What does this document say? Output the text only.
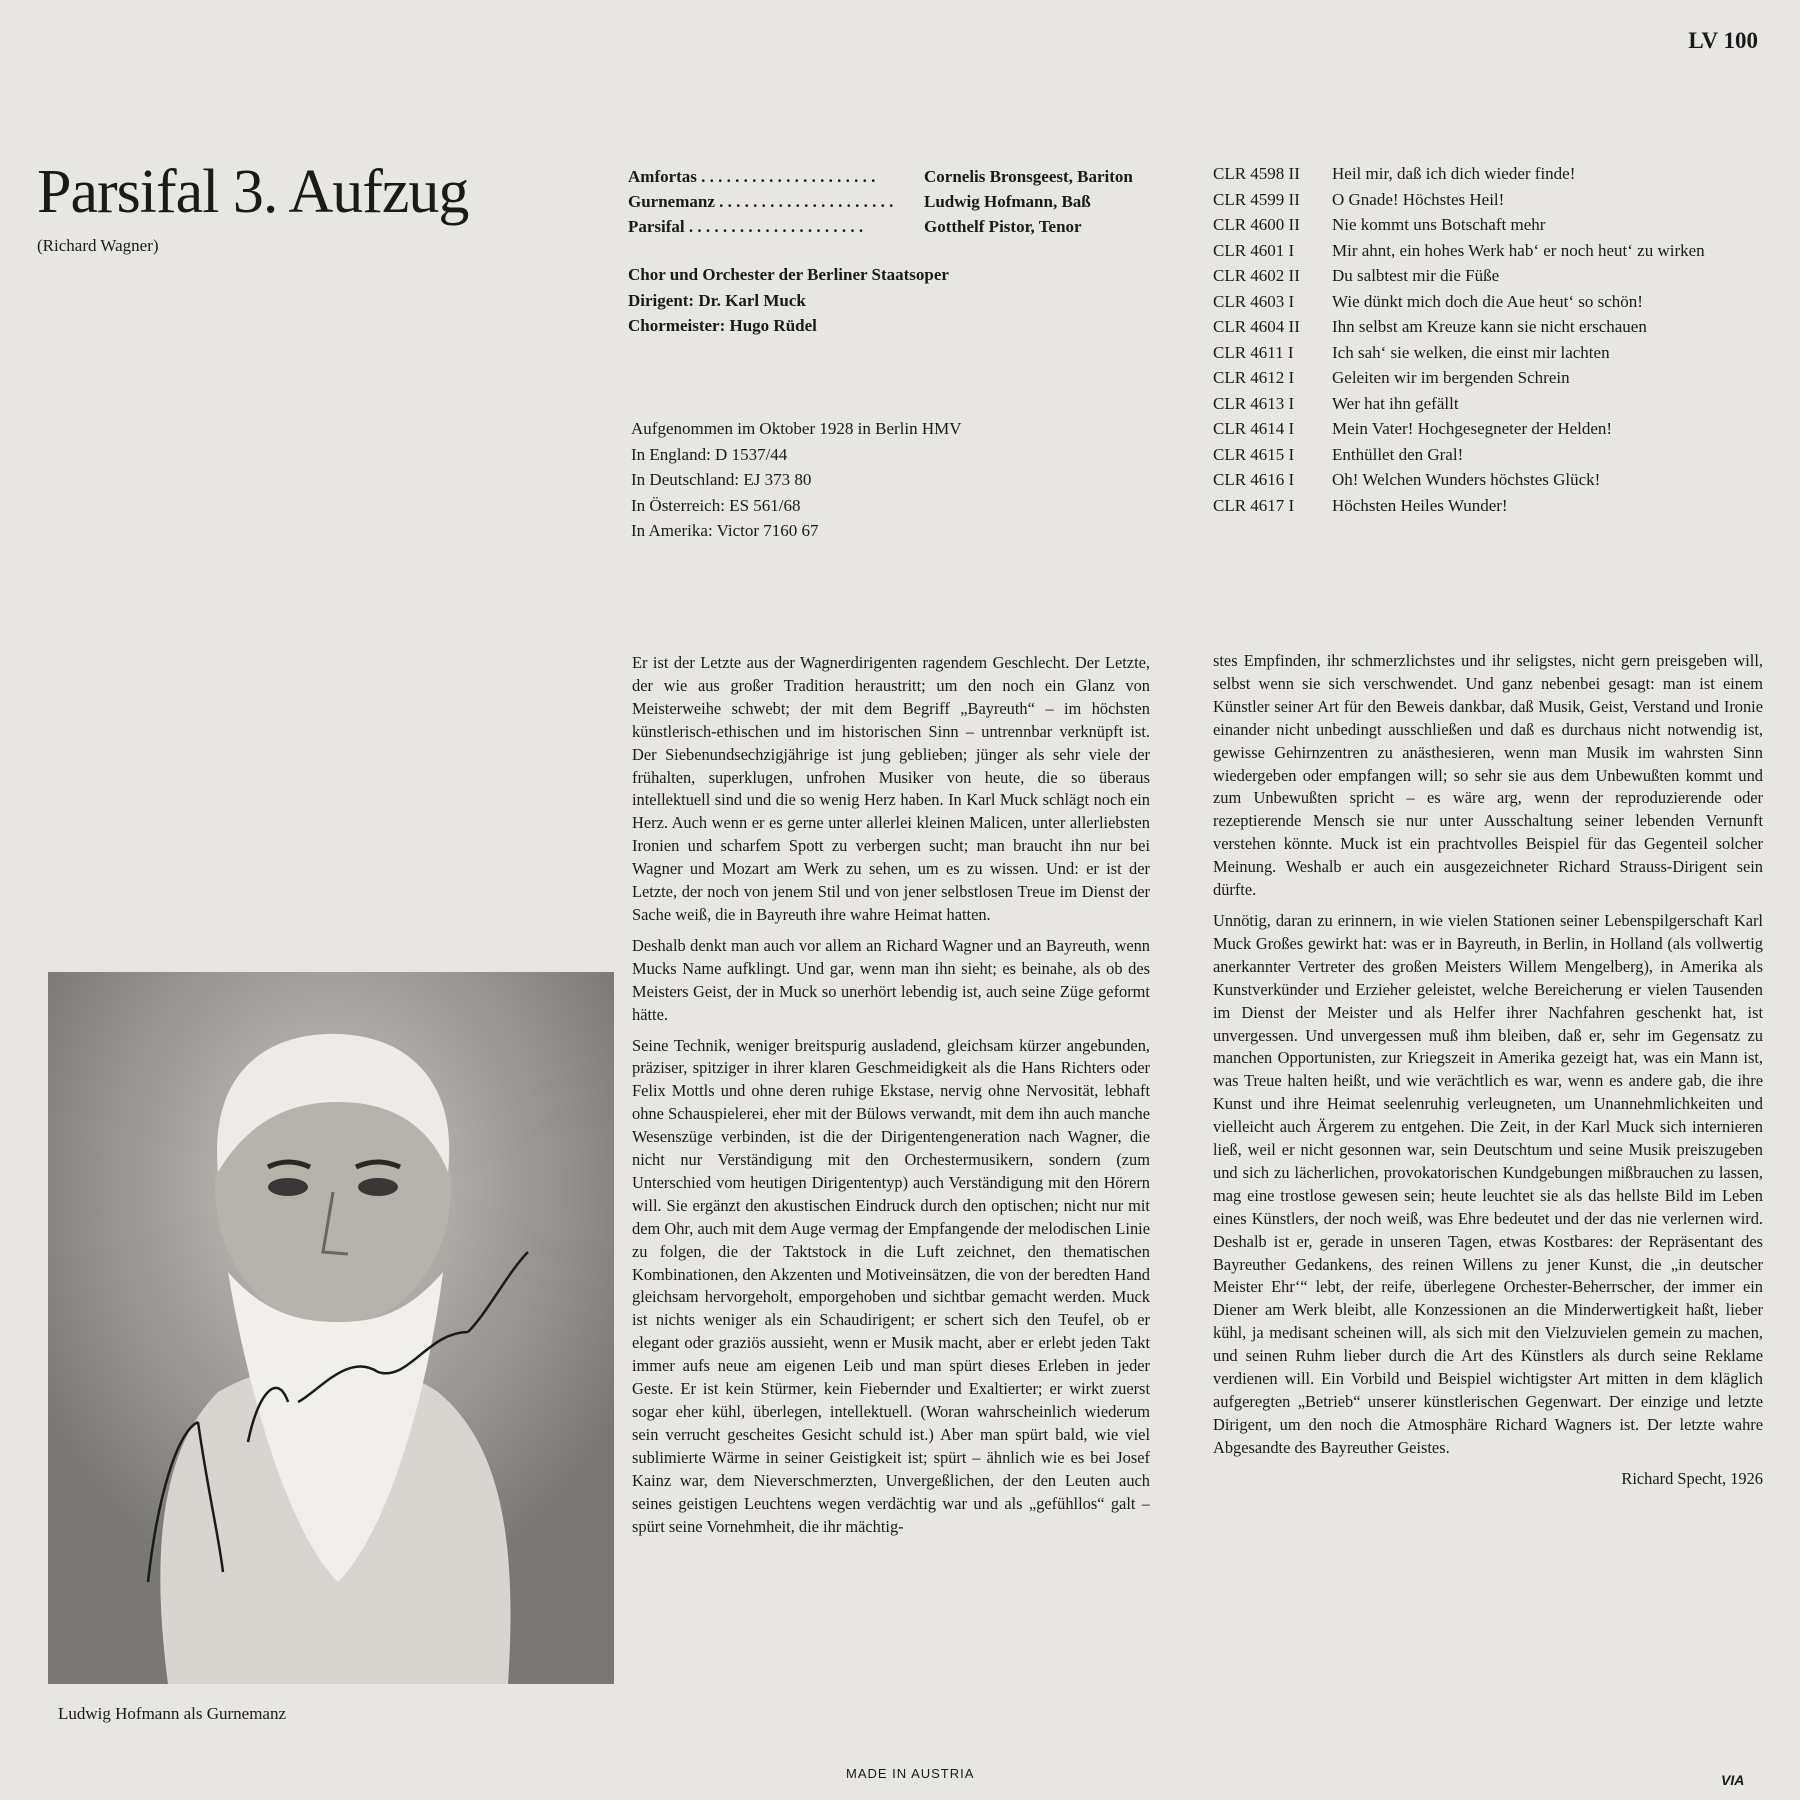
LV 100
Parsifal 3. Aufzug
(Richard Wagner)
Amfortas . . .	Cornelis Bronsgeest, Bariton
Gurnemanz . . .	Ludwig Hofmann, Baß
Parsifal . . .	Gotthelf Pistor, Tenor
Chor und Orchester der Berliner Staatsoper
Dirigent: Dr. Karl Muck
Chormeister: Hugo Rüdel
Aufgenommen im Oktober 1928 in Berlin HMV
In England: D 1537/44
In Deutschland: EJ 373 80
In Österreich: ES 561/68
In Amerika: Victor 7160 67
CLR 4598 II	Heil mir, daß ich dich wieder finde!
CLR 4599 II	O Gnade! Höchstes Heil!
CLR 4600 II	Nie kommt uns Botschaft mehr
CLR 4601 I	Mir ahnt, ein hohes Werk hab‘ er noch heut‘ zu wirken
CLR 4602 II	Du salbtest mir die Füße
CLR 4603 I	Wie dünkt mich doch die Aue heut‘ so schön!
CLR 4604 II	Ihn selbst am Kreuze kann sie nicht erschauen
CLR 4611 I	Ich sah‘ sie welken, die einst mir lachten
CLR 4612 I	Geleiten wir im bergenden Schrein
CLR 4613 I	Wer hat ihn gefällt
CLR 4614 I	Mein Vater! Hochgesegneter der Helden!
CLR 4615 I	Enthüllet den Gral!
CLR 4616 I	Oh! Welchen Wunders höchstes Glück!
CLR 4617 I	Höchsten Heiles Wunder!
Ludwig Hofmann als Gurnemanz

Er ist der Letzte aus der Wagnerdirigenten ragendem Geschlecht. Der Letzte, der wie aus großer Tradition heraustritt; um den noch ein Glanz von Meisterweihe schwebt; der mit dem Begriff „Bayreuth“ – im höchsten künstlerisch-ethischen und im historischen Sinn – untrennbar verknüpft ist. Der Siebenundsechzigjährige ist jung geblieben; jünger als sehr viele der frühalten, superklugen, unfrohen Musiker von heute, die so überaus intellektuell sind und die so wenig Herz haben. In Karl Muck schlägt noch ein Herz. Auch wenn er es gerne unter allerlei kleinen Malicen, unter allerliebsten Ironien und scharfem Spott zu verbergen sucht; man braucht ihn nur bei Wagner und Mozart am Werk zu sehen, um es zu wissen. Und: er ist der Letzte, der noch von jenem Stil und von jener selbstlosen Treue im Dienst der Sache weiß, die in Bayreuth ihre wahre Heimat hatten.

Deshalb denkt man auch vor allem an Richard Wagner und an Bayreuth, wenn Mucks Name aufklingt. Und gar, wenn man ihn sieht; es beinahe, als ob des Meisters Geist, der in Muck so unerhört lebendig ist, auch seine Züge geformt hätte.

Seine Technik, weniger breitspurig ausladend, gleichsam kürzer angebunden, präziser, spitziger in ihrer klaren Geschmeidigkeit als die Hans Richters oder Felix Mottls und ohne deren ruhige Ekstase, nervig ohne Nervosität, lebhaft ohne Schauspielerei, eher mit der Bülows verwandt, mit dem ihn auch manche Wesenszüge verbinden, ist die der Dirigentengeneration nach Wagner, die nicht nur Verständigung mit den Orchestermusikern, sondern (zum Unterschied vom heutigen Dirigententyp) auch Verständigung mit den Hörern will. Sie ergänzt den akustischen Eindruck durch den optischen; nicht nur mit dem Ohr, auch mit dem Auge vermag der Empfangende der melodischen Linie zu folgen, die der Taktstock in die Luft zeichnet, den thematischen Kombinationen, den Akzenten und Motiveinsätzen, die von der beredten Hand gleichsam hervorgeholt, emporgehoben und sichtbar gemacht werden. Muck ist nichts weniger als ein Schaudirigent; er schert sich den Teufel, ob er elegant oder graziös aussieht, wenn er Musik macht, aber er erlebt jeden Takt immer aufs neue am eigenen Leib und man spürt dieses Erleben in jeder Geste. Er ist kein Stürmer, kein Fiebernder und Exaltierter; er wirkt zuerst sogar eher kühl, überlegen, intellektuell. (Woran wahrscheinlich wiederum sein verrucht gescheites Gesicht schuld ist.) Aber man spürt bald, wie viel sublimierte Wärme in seiner Geistigkeit ist; spürt – ähnlich wie es bei Josef Kainz war, dem Nieverschmerzten, Unvergeßlichen, der den Leuten auch seines geistigen Leuchtens wegen verdächtig war und als „gefühllos“ galt – spürt seine Vornehmheit, die ihr mächtig-

stes Empfinden, ihr schmerzlichstes und ihr seligstes, nicht gern preisgeben will, selbst wenn sie sich verschwendet. Und ganz nebenbei gesagt: man ist einem Künstler seiner Art für den Beweis dankbar, daß Musik, Geist, Verstand und Ironie einander nicht unbedingt ausschließen und daß es durchaus nicht notwendig ist, gewisse Gehirnzentren zu anästhesieren, wenn man Musik im wahrsten Sinn wiedergeben oder empfangen will; so sehr sie aus dem Unbewußten kommt und zum Unbewußten spricht – es wäre arg, wenn der reproduzierende oder rezeptierende Mensch sie nur unter Ausschaltung seiner lebenden Vernunft verstehen könnte. Muck ist ein prachtvolles Beispiel für das Gegenteil solcher Meinung. Weshalb er auch ein ausgezeichneter Richard Strauss-Dirigent sein dürfte.

Unnötig, daran zu erinnern, in wie vielen Stationen seiner Lebenspilgerschaft Karl Muck Großes gewirkt hat: was er in Bayreuth, in Berlin, in Holland (als vollwertig anerkannter Vertreter des großen Meisters Willem Mengelberg), in Amerika als Kunstverkünder und Erzieher geleistet, welche Bereicherung er vielen Tausenden im Dienst der Meister und als Helfer ihrer Nachfahren geschenkt hat, ist unvergessen. Und unvergessen muß ihm bleiben, daß er, sehr im Gegensatz zu manchen Opportunisten, zur Kriegszeit in Amerika gezeigt hat, was ein Mann ist, was Treue halten heißt, und wie verächtlich es war, wenn es andere gab, die ihre Kunst und ihre Heimat seelenruhig verleugneten, um Unannehmlichkeiten und vielleicht auch Ärgerem zu entgehen. Die Zeit, in der Karl Muck sich internieren ließ, weil er nicht gesonnen war, sein Deutschtum und seine Musik preiszugeben und sich zu lächerlichen, provokatorischen Kundgebungen mißbrauchen zu lassen, mag eine trostlose gewesen sein; heute leuchtet sie als das hellste Bild im Leben eines Künstlers, der noch weiß, was Ehre bedeutet und der das nie verlernen wird. Deshalb ist er, gerade in unseren Tagen, etwas Kostbares: der Repräsentant des Bayreuther Gedankens, des reinen Willens zu jener Kunst, die „in deutscher Meister Ehr‘“ lebt, der reife, überlegene Orchester-Beherrscher, der immer ein Diener am Werk bleibt, alle Konzessionen an die Minderwertigkeit haßt, lieber kühl, ja medisant scheinen will, als sich mit den Vielzuvielen gemein zu machen, und seinen Ruhm lieber durch die Art des Künstlers als durch seine Reklame verdienen will. Ein Vorbild und Beispiel wichtigster Art mitten in dem kläglich aufgeregten „Betrieb“ unserer künstlerischen Gegenwart. Der einzige und letzte Dirigent, um den noch die Atmosphäre Richard Wagners ist. Der letzte wahre Abgesandte des Bayreuther Geistes.

Richard Specht, 1926
MADE IN AUSTRIA	VIA
